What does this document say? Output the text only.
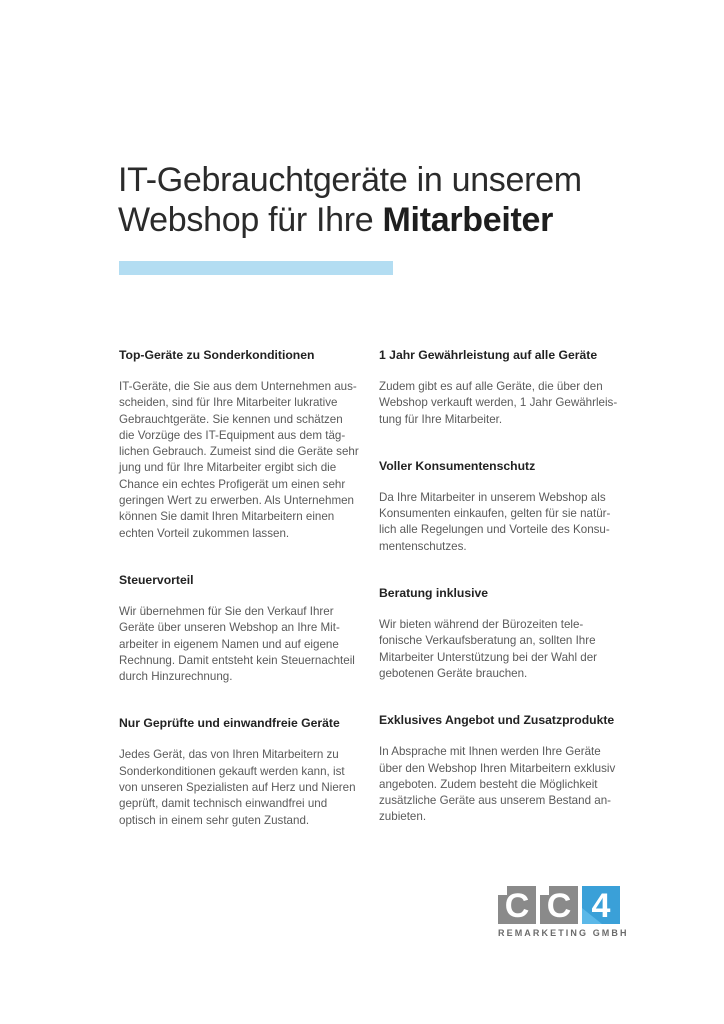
IT-Gebrauchtgeräte in unserem
Webshop für Ihre Mitarbeiter
Top-Geräte zu Sonderkonditionen

IT-Geräte, die Sie aus dem Unternehmen aus-
scheiden, sind für Ihre Mitarbeiter lukrative
Gebrauchtgeräte. Sie kennen und schätzen
die Vorzüge des IT-Equipment aus dem täg-
lichen Gebrauch. Zumeist sind die Geräte sehr
jung und für Ihre Mitarbeiter ergibt sich die
Chance ein echtes Profigerät um einen sehr
geringen Wert zu erwerben. Als Unternehmen
können Sie damit Ihren Mitarbeitern einen
echten Vorteil zukommen lassen.

Steuervorteil

Wir übernehmen für Sie den Verkauf Ihrer
Geräte über unseren Webshop an Ihre Mit-
arbeiter in eigenem Namen und auf eigene
Rechnung. Damit entsteht kein Steuernachteil
durch Hinzurechnung.

Nur Geprüfte und einwandfreie Geräte

Jedes Gerät, das von Ihren Mitarbeitern zu
Sonderkonditionen gekauft werden kann, ist
von unseren Spezialisten auf Herz und Nieren
geprüft, damit technisch einwandfrei und
optisch in einem sehr guten Zustand.

1 Jahr Gewährleistung auf alle Geräte

Zudem gibt es auf alle Geräte, die über den
Webshop verkauft werden, 1 Jahr Gewährleis-
tung für Ihre Mitarbeiter.

Voller Konsumentenschutz

Da Ihre Mitarbeiter in unserem Webshop als
Konsumenten einkaufen, gelten für sie natür-
lich alle Regelungen und Vorteile des Konsu-
mentenschutzes.

Beratung inklusive

Wir bieten während der Bürozeiten tele-
fonische Verkaufsberatung an, sollten Ihre
Mitarbeiter Unterstützung bei der Wahl der
gebotenen Geräte brauchen.

Exklusives Angebot und Zusatzprodukte

In Absprache mit Ihnen werden Ihre Geräte
über den Webshop Ihren Mitarbeitern exklusiv
angeboten. Zudem besteht die Möglichkeit
zusätzliche Geräte aus unserem Bestand an-
zubieten.

C C 4
REMARKETING GMBH
